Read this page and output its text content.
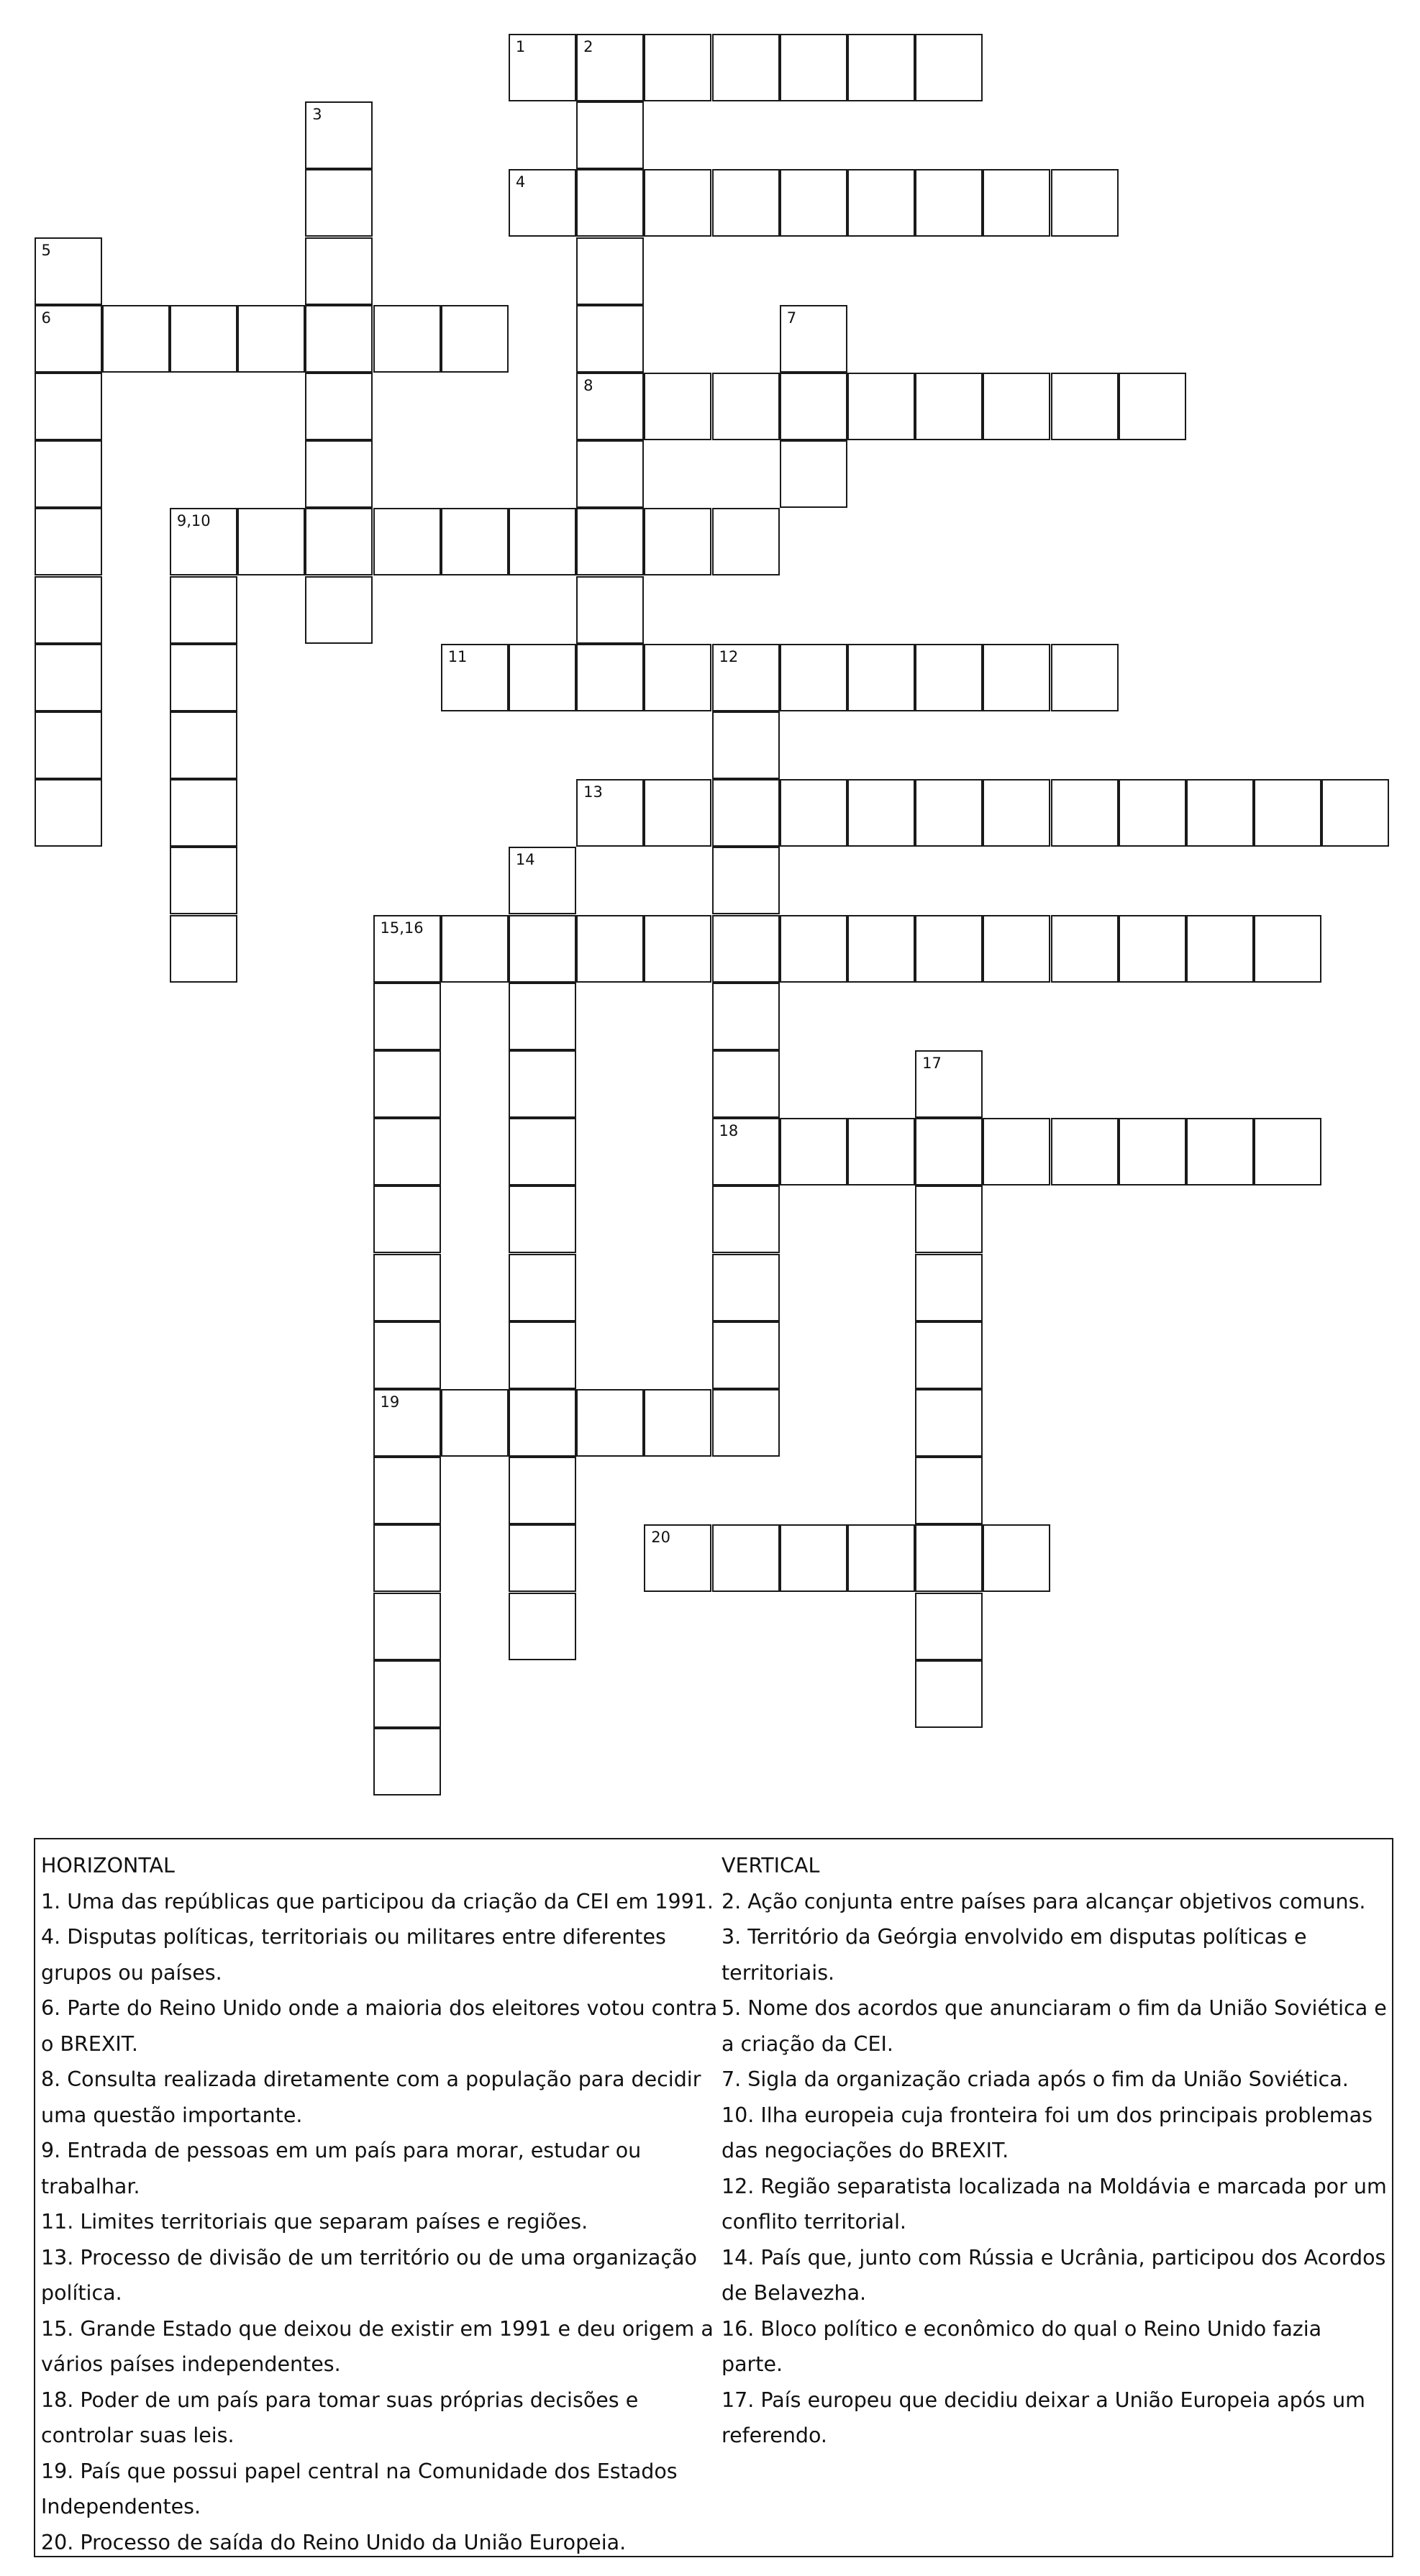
1	2
8
3
4
5
6	7
9,10
11	12
18
13
14
15,16
19
17
20
HORIZONTAL
1. Uma das repúblicas que participou da criação da CEI em 1991.
4. Disputas políticas, territoriais ou militares entre diferentes grupos ou países.
6. Parte do Reino Unido onde a maioria dos eleitores votou contra o BREXIT.
8. Consulta realizada diretamente com a população para decidir uma questão importante.
9. Entrada de pessoas em um país para morar, estudar ou trabalhar.
11. Limites territoriais que separam países e regiões.
13. Processo de divisão de um território ou de uma organização política.
15. Grande Estado que deixou de existir em 1991 e deu origem a vários países independentes.
18. Poder de um país para tomar suas próprias decisões e controlar suas leis.
19. País que possui papel central na Comunidade dos Estados Independentes.
20. Processo de saída do Reino Unido da União Europeia.
VERTICAL
2. Ação conjunta entre países para alcançar objetivos comuns.
3. Território da Geórgia envolvido em disputas políticas e territoriais.
5. Nome dos acordos que anunciaram o fim da União Soviética e a criação da CEI.
7. Sigla da organização criada após o fim da União Soviética.
10. Ilha europeia cuja fronteira foi um dos principais problemas das negociações do BREXIT.
12. Região separatista localizada na Moldávia e marcada por um conflito territorial.
14. País que, junto com Rússia e Ucrânia, participou dos Acordos de Belavezha.
16. Bloco político e econômico do qual o Reino Unido fazia parte.
17. País europeu que decidiu deixar a União Europeia após um referendo.
